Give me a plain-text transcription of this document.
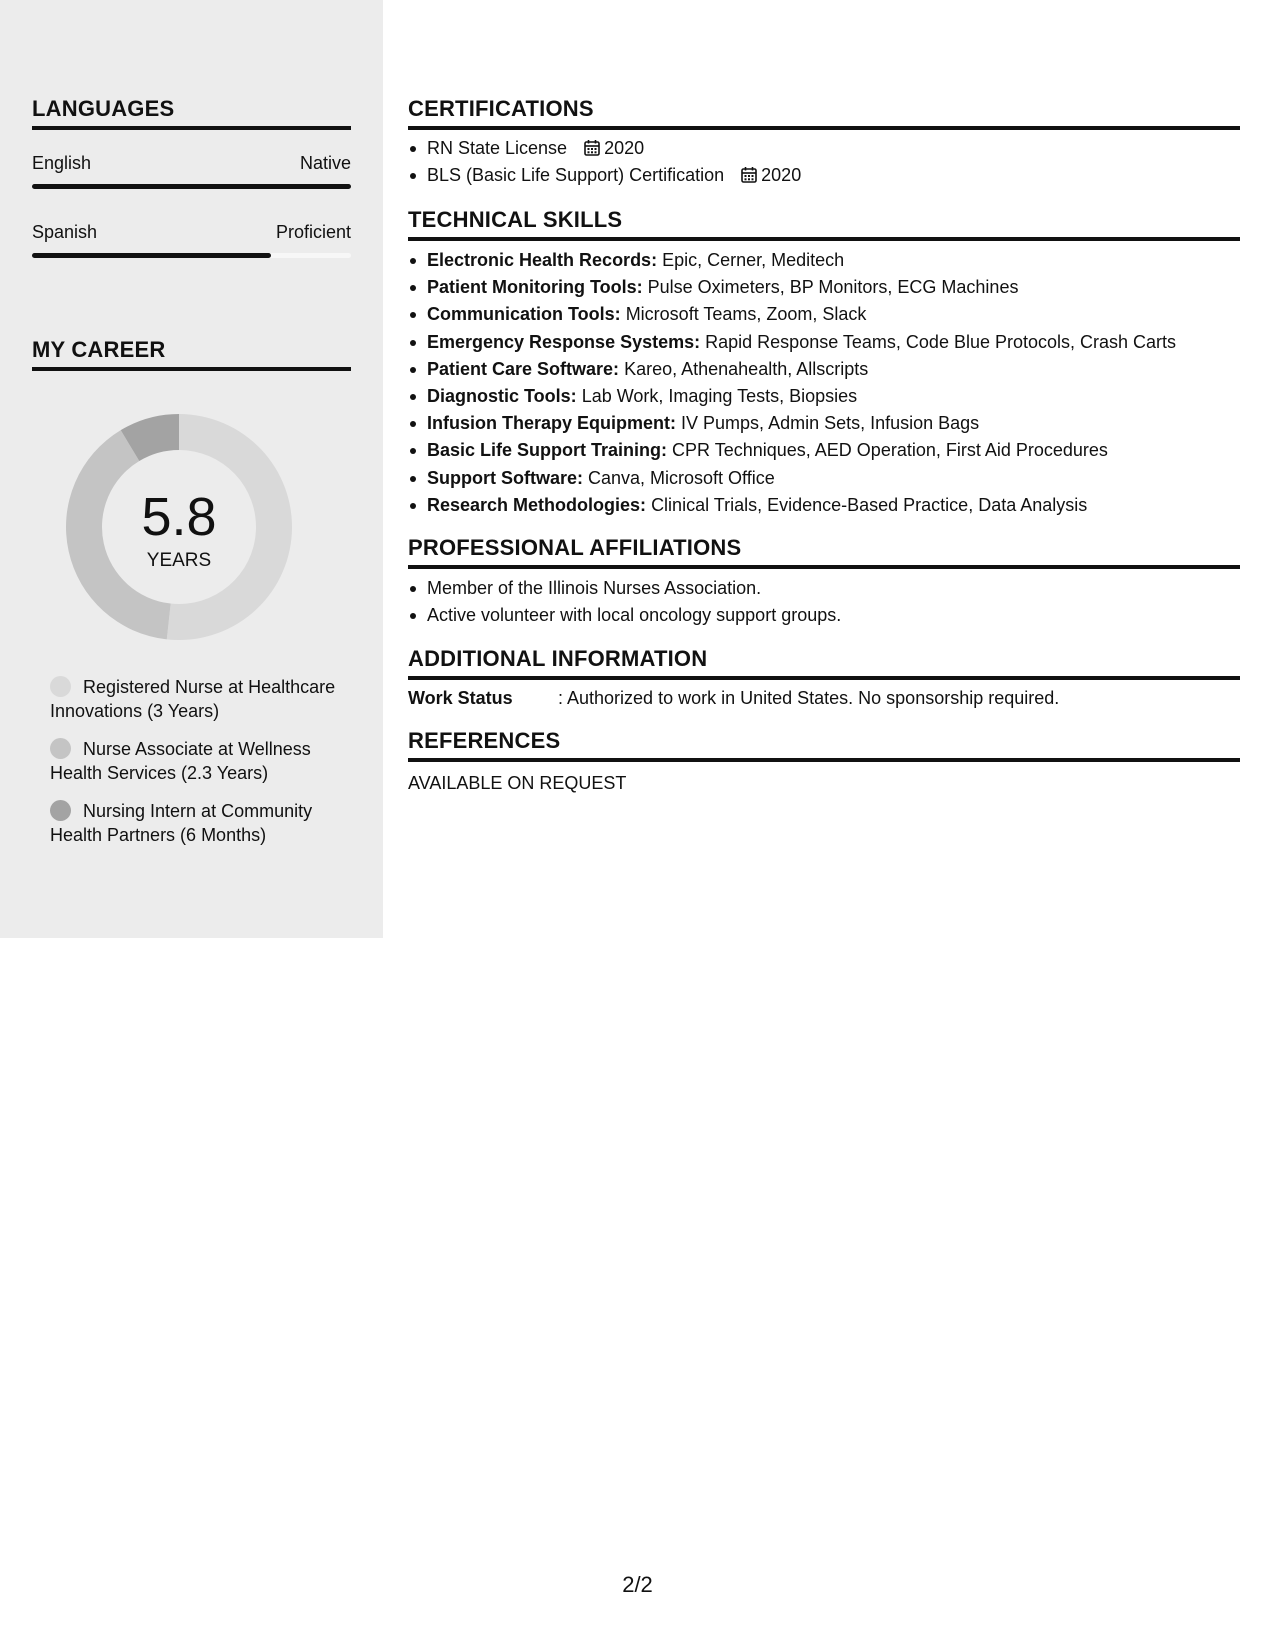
LANGUAGES
English	Native
Spanish	Proficient
MY CAREER
5.8
YEARS
Registered Nurse at Healthcare Innovations (3 Years)
Nurse Associate at Wellness Health Services (2.3 Years)
Nursing Intern at Community Health Partners (6 Months)
CERTIFICATIONS
RN State License 2020
BLS (Basic Life Support) Certification 2020
TECHNICAL SKILLS
Electronic Health Records: Epic, Cerner, Meditech
Patient Monitoring Tools: Pulse Oximeters, BP Monitors, ECG Machines
Communication Tools: Microsoft Teams, Zoom, Slack
Emergency Response Systems: Rapid Response Teams, Code Blue Protocols, Crash Carts
Patient Care Software: Kareo, Athenahealth, Allscripts
Diagnostic Tools: Lab Work, Imaging Tests, Biopsies
Infusion Therapy Equipment: IV Pumps, Admin Sets, Infusion Bags
Basic Life Support Training: CPR Techniques, AED Operation, First Aid Procedures
Support Software: Canva, Microsoft Office
Research Methodologies: Clinical Trials, Evidence-Based Practice, Data Analysis
PROFESSIONAL AFFILIATIONS
Member of the Illinois Nurses Association.
Active volunteer with local oncology support groups.
ADDITIONAL INFORMATION
Work Status	: Authorized to work in United States. No sponsorship required.
REFERENCES
AVAILABLE ON REQUEST
2/2
